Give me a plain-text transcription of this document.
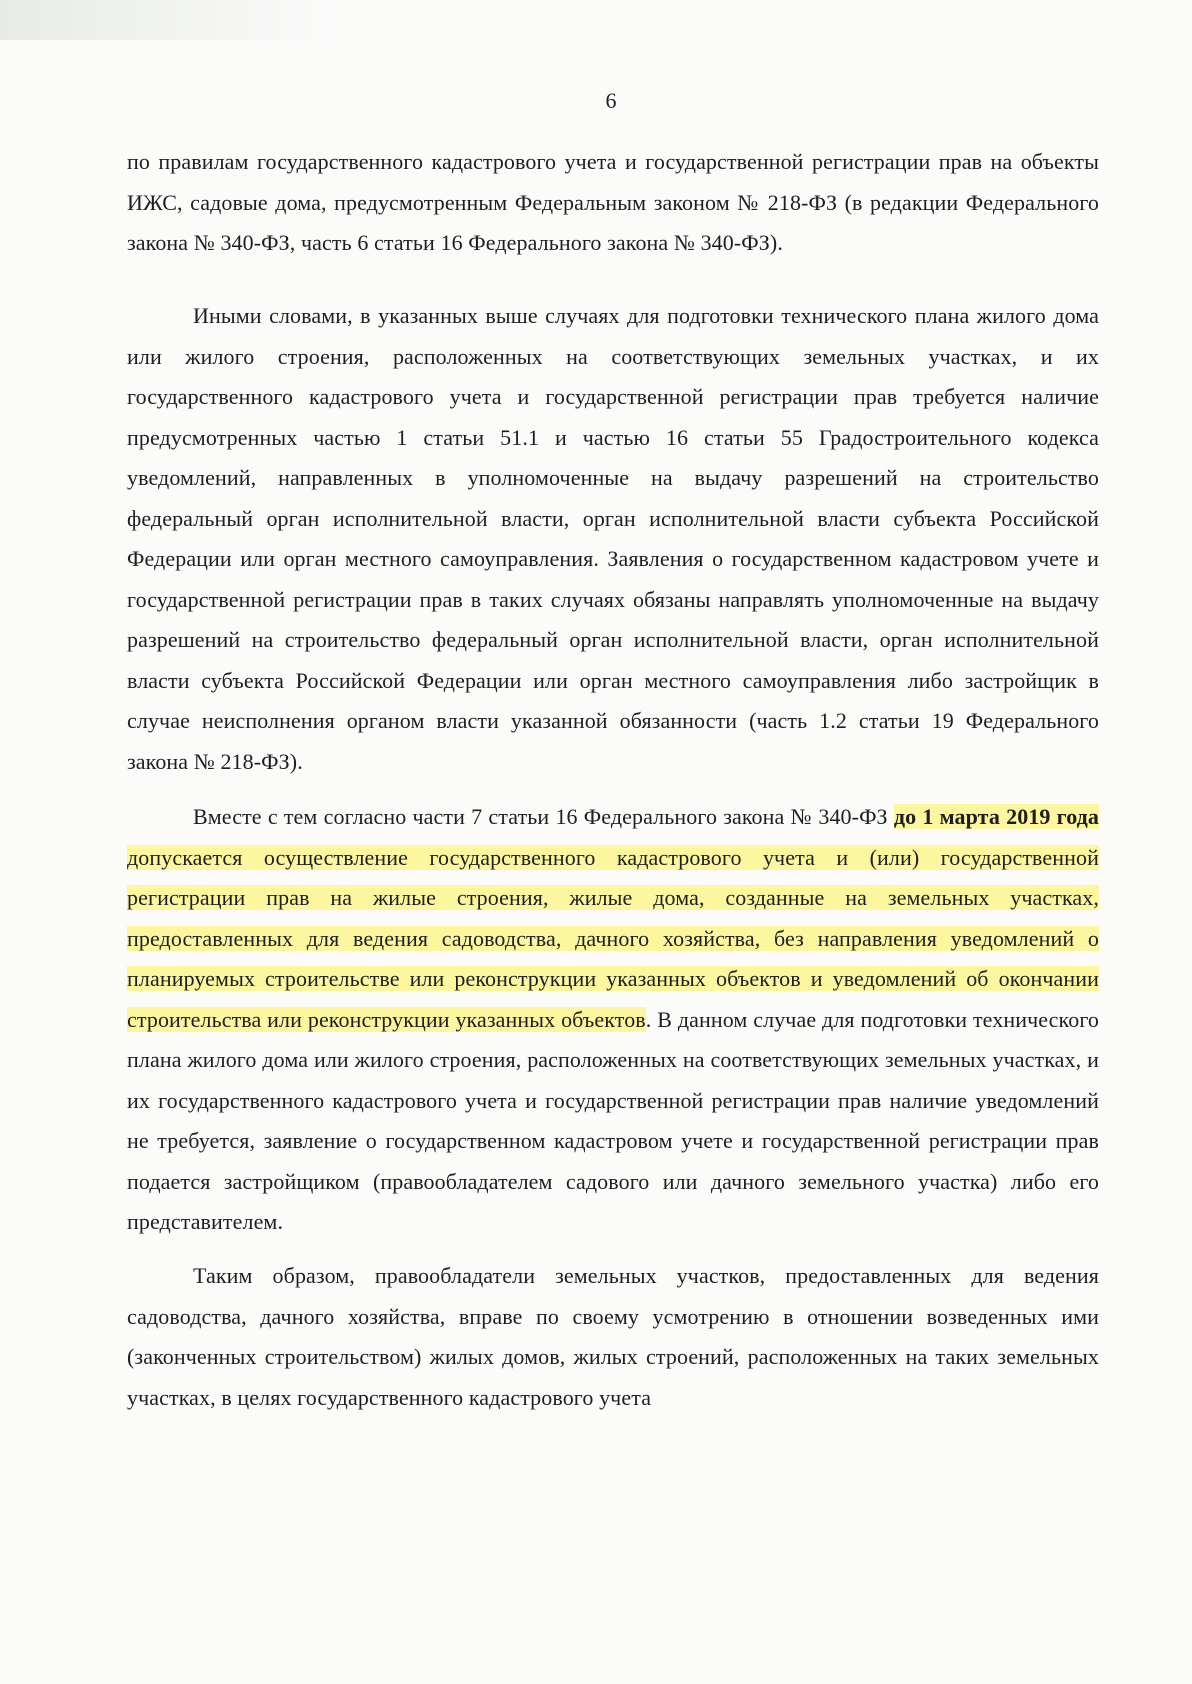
6

по правилам государственного кадастрового учета и государственной регистрации прав на объекты ИЖС, садовые дома, предусмотренным Федеральным законом № 218-ФЗ (в редакции Федерального закона № 340-ФЗ, часть 6 статьи 16 Федерального закона № 340-ФЗ).

Иными словами, в указанных выше случаях для подготовки технического плана жилого дома или жилого строения, расположенных на соответствующих земельных участках, и их государственного кадастрового учета и государственной регистрации прав требуется наличие предусмотренных частью 1 статьи 51.1 и частью 16 статьи 55 Градостроительного кодекса уведомлений, направленных в уполномоченные на выдачу разрешений на строительство федеральный орган исполнительной власти, орган исполнительной власти субъекта Российской Федерации или орган местного самоуправления. Заявления о государственном кадастровом учете и государственной регистрации прав в таких случаях обязаны направлять уполномоченные на выдачу разрешений на строительство федеральный орган исполнительной власти, орган исполнительной власти субъекта Российской Федерации или орган местного самоуправления либо застройщик в случае неисполнения органом власти указанной обязанности (часть 1.2 статьи 19 Федерального закона № 218-ФЗ).

Вместе с тем согласно части 7 статьи 16 Федерального закона № 340-ФЗ до 1 марта 2019 года допускается осуществление государственного кадастрового учета и (или) государственной регистрации прав на жилые строения, жилые дома, созданные на земельных участках, предоставленных для ведения садоводства, дачного хозяйства, без направления уведомлений о планируемых строительстве или реконструкции указанных объектов и уведомлений об окончании строительства или реконструкции указанных объектов. В данном случае для подготовки технического плана жилого дома или жилого строения, расположенных на соответствующих земельных участках, и их государственного кадастрового учета и государственной регистрации прав наличие уведомлений не требуется, заявление о государственном кадастровом учете и государственной регистрации прав подается застройщиком (правообладателем садового или дачного земельного участка) либо его представителем.

Таким образом, правообладатели земельных участков, предоставленных для ведения садоводства, дачного хозяйства, вправе по своему усмотрению в отношении возведенных ими (законченных строительством) жилых домов, жилых строений, расположенных на таких земельных участках, в целях государственного кадастрового учета
